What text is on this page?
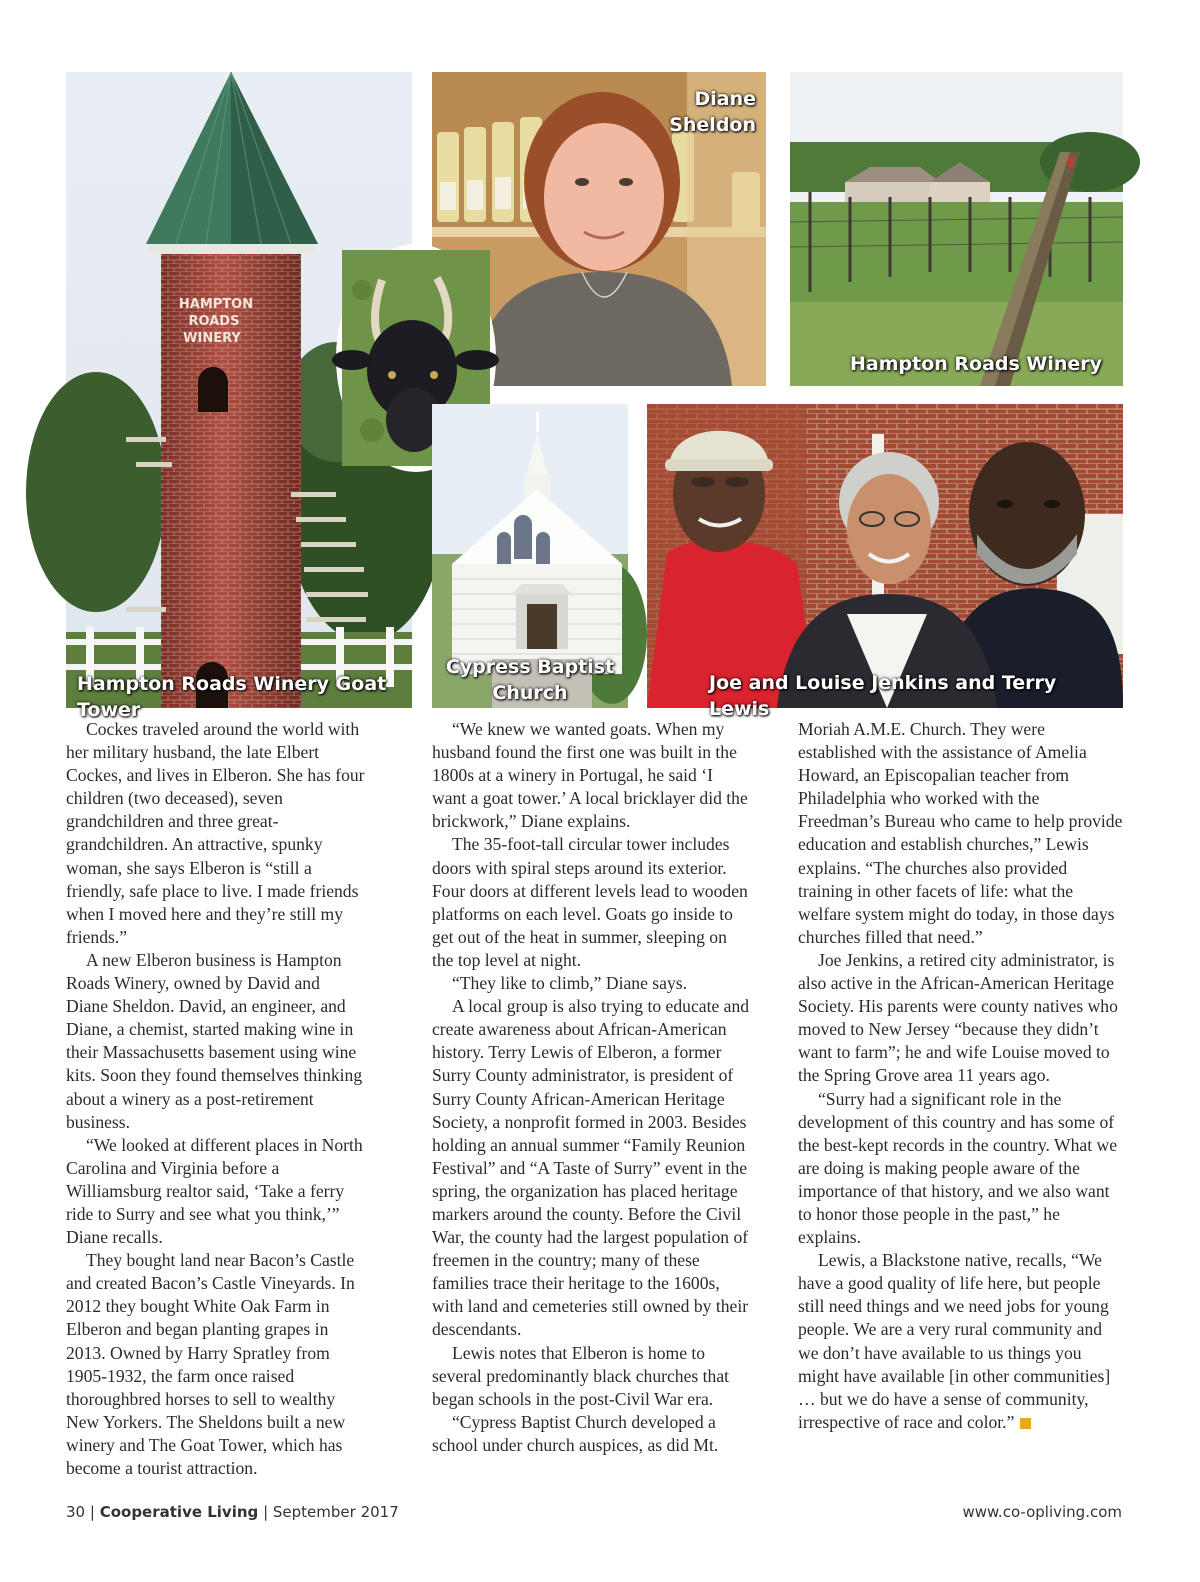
HAMPTON
ROADS
WINERY
Hampton Roads Winery Goat Tower
Diane
Sheldon
Hampton Roads Winery
Cypress Baptist
Church	Joe and Louise Jenkins and Terry Lewis

Cockes traveled around the world with her military husband, the late Elbert Cockes, and lives in Elberon. She has four children (two deceased), seven grandchildren and three great-grandchildren. An attractive, spunky woman, she says Elberon is “still a friendly, safe place to live. I made friends when I moved here and they’re still my friends.”

A new Elberon business is Hampton Roads Winery, owned by David and Diane Sheldon. David, an engineer, and Diane, a chemist, started making wine in their Massachusetts basement using wine kits. Soon they found themselves thinking about a winery as a post-retirement business.

“We looked at different places in North Carolina and Virginia before a Williamsburg realtor said, ‘Take a ferry ride to Surry and see what you think,’” Diane recalls.

They bought land near Bacon’s Castle and created Bacon’s Castle Vineyards. In 2012 they bought White Oak Farm in Elberon and began planting grapes in 2013. Owned by Harry Spratley from 1905-1932, the farm once raised thoroughbred horses to sell to wealthy New Yorkers. The Sheldons built a new winery and The Goat Tower, which has become a tourist attraction.

“We knew we wanted goats. When my husband found the first one was built in the 1800s at a winery in Portugal, he said ‘I want a goat tower.’ A local bricklayer did the brickwork,” Diane explains.

The 35-foot-tall circular tower includes doors with spiral steps around its exterior. Four doors at different levels lead to wooden platforms on each level. Goats go inside to get out of the heat in summer, sleeping on the top level at night.

“They like to climb,” Diane says.

A local group is also trying to educate and create awareness about African-American history. Terry Lewis of Elberon, a former Surry County administrator, is president of Surry County African-American Heritage Society, a nonprofit formed in 2003. Besides holding an annual summer “Family Reunion Festival” and “A Taste of Surry” event in the spring, the organization has placed heritage markers around the county. Before the Civil War, the county had the largest population of freemen in the country; many of these families trace their heritage to the 1600s, with land and cemeteries still owned by their descendants.

Lewis notes that Elberon is home to several predominantly black churches that began schools in the post-Civil War era.

“Cypress Baptist Church developed a school under church auspices, as did Mt.

Moriah A.M.E. Church. They were established with the assistance of Amelia Howard, an Episcopalian teacher from Philadelphia who worked with the Freedman’s Bureau who came to help provide education and establish churches,” Lewis explains. “The churches also provided training in other facets of life: what the welfare system might do today, in those days churches filled that need.”

Joe Jenkins, a retired city administrator, is also active in the African-American Heritage Society. His parents were county natives who moved to New Jersey “because they didn’t want to farm”; he and wife Louise moved to the Spring Grove area 11 years ago.

“Surry had a significant role in the development of this country and has some of the best-kept records in the country. What we are doing is making people aware of the importance of that history, and we also want to honor those people in the past,” he explains.

Lewis, a Blackstone native, recalls, “We have a good quality of life here, but people still need things and we need jobs for young people. We are a very rural community and we don’t have available to us things you might have available [in other communities] … but we do have a sense of community, irrespective of race and color.”

30 | Cooperative Living | September 2017	www.co-opliving.com
